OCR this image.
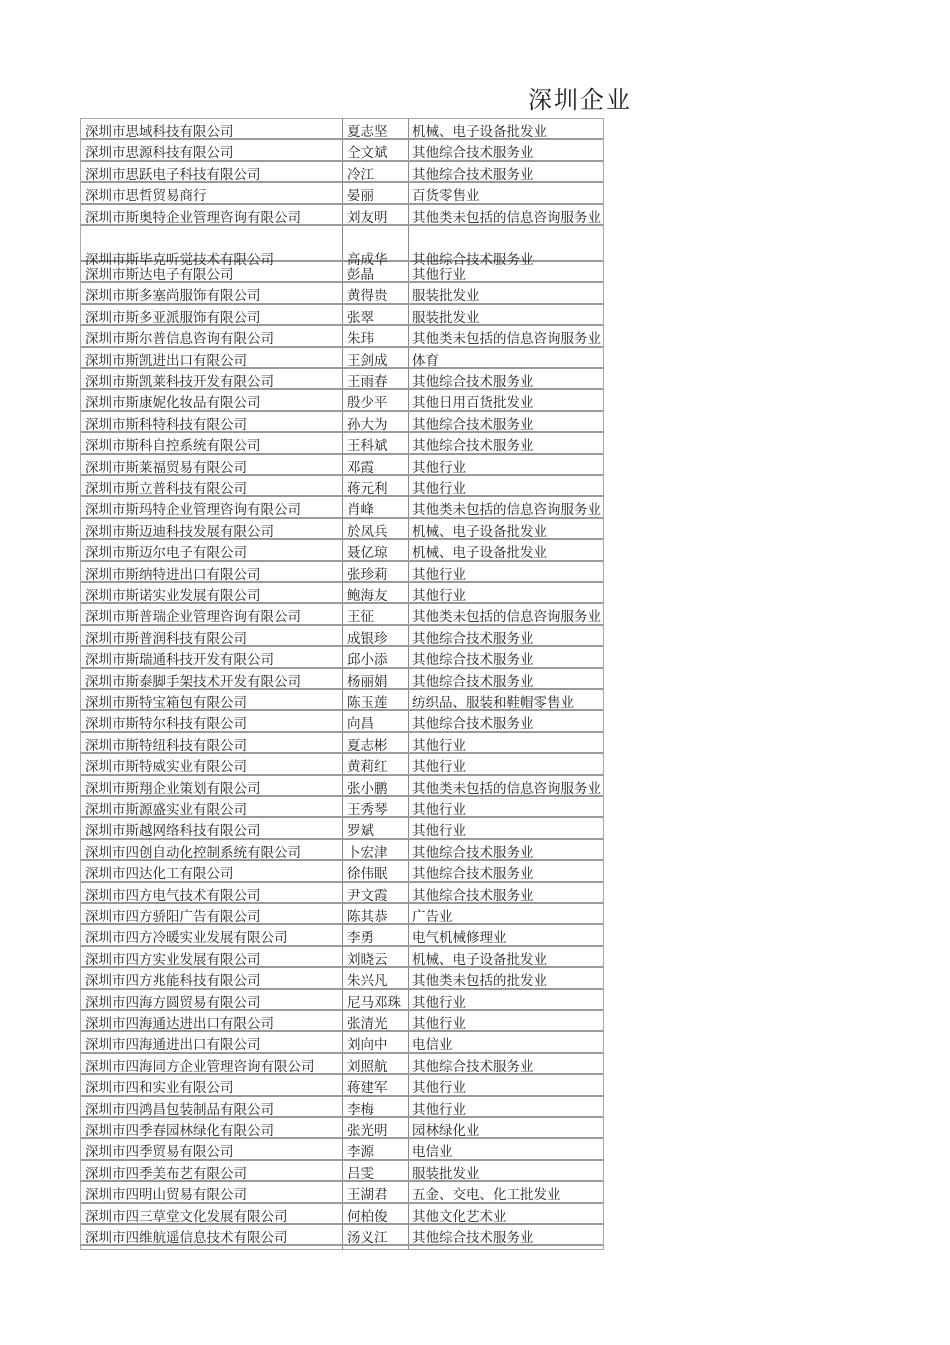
深圳企业
深圳市思域科技有限公司	夏志坚	机械、电子设备批发业
深圳市思源科技有限公司	仝文斌	其他综合技术服务业
深圳市思跃电子科技有限公司	冷江	其他综合技术服务业
深圳市思哲贸易商行	晏丽	百货零售业
深圳市斯奥特企业管理咨询有限公司	刘友明	其他类未包括的信息咨询服务业
深圳市斯毕克听觉技术有限公司	高成华	其他综合技术服务业
深圳市斯达电子有限公司	彭晶	其他行业
深圳市斯多塞尚服饰有限公司	黄得贵	服装批发业
深圳市斯多亚派服饰有限公司	张翠	服装批发业
深圳市斯尔普信息咨询有限公司	朱玮	其他类未包括的信息咨询服务业
深圳市斯凯进出口有限公司	王剑成	体育
深圳市斯凯莱科技开发有限公司	王雨春	其他综合技术服务业
深圳市斯康妮化妆品有限公司	殷少平	其他日用百货批发业
深圳市斯科特科技有限公司	孙大为	其他综合技术服务业
深圳市斯科自控系统有限公司	王科斌	其他综合技术服务业
深圳市斯莱福贸易有限公司	邓霞	其他行业
深圳市斯立普科技有限公司	蒋元利	其他行业
深圳市斯玛特企业管理咨询有限公司	肖峰	其他类未包括的信息咨询服务业
深圳市斯迈迪科技发展有限公司	於凤兵	机械、电子设备批发业
深圳市斯迈尔电子有限公司	聂亿琼	机械、电子设备批发业
深圳市斯纳特进出口有限公司	张珍莉	其他行业
深圳市斯诺实业发展有限公司	鲍海友	其他行业
深圳市斯普瑞企业管理咨询有限公司	王征	其他类未包括的信息咨询服务业
深圳市斯普润科技有限公司	成银珍	其他综合技术服务业
深圳市斯瑞通科技开发有限公司	邱小添	其他综合技术服务业
深圳市斯泰脚手架技术开发有限公司	杨丽娟	其他综合技术服务业
深圳市斯特宝箱包有限公司	陈玉莲	纺织品、服装和鞋帽零售业
深圳市斯特尔科技有限公司	向昌	其他综合技术服务业
深圳市斯特纽科技有限公司	夏志彬	其他行业
深圳市斯特威实业有限公司	黄莉红	其他行业
深圳市斯翔企业策划有限公司	张小鹏	其他类未包括的信息咨询服务业
深圳市斯源盛实业有限公司	王秀琴	其他行业
深圳市斯越网络科技有限公司	罗斌	其他行业
深圳市四创自动化控制系统有限公司	卜宏津	其他综合技术服务业
深圳市四达化工有限公司	徐伟眠	其他综合技术服务业
深圳市四方电气技术有限公司	尹文霞	其他综合技术服务业
深圳市四方骄阳广告有限公司	陈其恭	广告业
深圳市四方冷暖实业发展有限公司	李勇	电气机械修理业
深圳市四方实业发展有限公司	刘晓云	机械、电子设备批发业
深圳市四方兆能科技有限公司	朱兴凡	其他类未包括的批发业
深圳市四海方圆贸易有限公司	尼马邓珠 其他行业
深圳市四海通达进出口有限公司	张清光	其他行业
深圳市四海通进出口有限公司	刘向中	电信业
深圳市四海同方企业管理咨询有限公司	刘照航	其他综合技术服务业
深圳市四和实业有限公司	蒋建军	其他行业
深圳市四鸿昌包装制品有限公司	李梅	其他行业
深圳市四季春园林绿化有限公司	张光明	园林绿化业
深圳市四季贸易有限公司	李源	电信业
深圳市四季美布艺有限公司	吕雯	服装批发业
深圳市四明山贸易有限公司	王湖君	五金、交电、化工批发业
深圳市四三草堂文化发展有限公司	何柏俊	其他文化艺术业
深圳市四维航遥信息技术有限公司	汤义江	其他综合技术服务业
